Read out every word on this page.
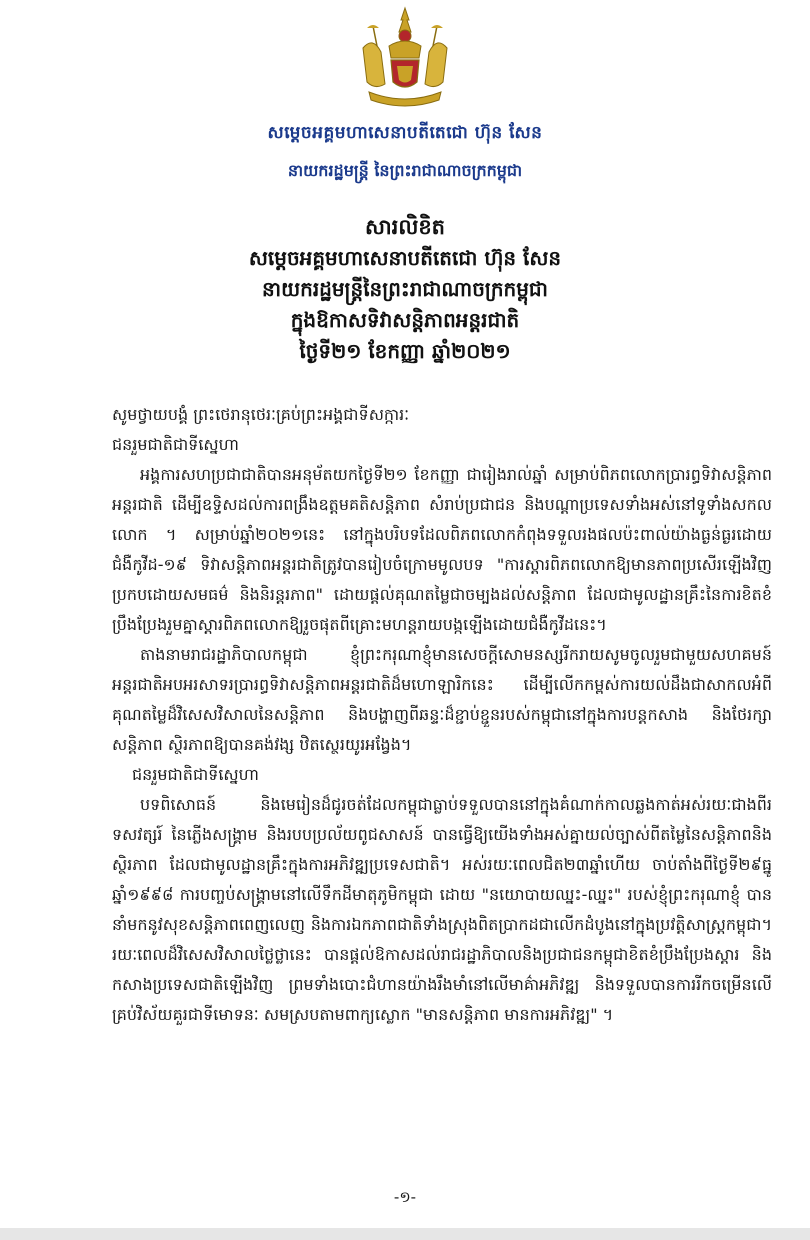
សម្តេចអគ្គមហាសេនាបតីតេជោ ហ៊ុន សែន
នាយករដ្ឋមន្ត្រី នៃព្រះរាជាណាចក្រកម្ពុជា
សារលិខិត
សម្តេចអគ្គមហាសេនាបតីតេជោ ហ៊ុន សែន
នាយករដ្ឋមន្ត្រីនៃព្រះរាជាណាចក្រកម្ពុជា
ក្នុងឱកាសទិវាសន្តិភាពអន្តរជាតិ
ថ្ងៃទី២១ ខែកញ្ញា ឆ្នាំ២០២១

សូមថ្វាយបង្គំ ព្រះថេរានុថេរៈគ្រប់ព្រះអង្គជាទីសក្ការៈ

ជនរួមជាតិជាទីស្នេហា

អង្គការសហប្រជាជាតិបានអនុម័តយកថ្ងៃទី២១ ខែកញ្ញា ជារៀងរាល់ឆ្នាំ សម្រាប់ពិភពលោកប្រារព្ធទិវាសន្តិភាពអន្តរជាតិ ដើម្បីឧទ្ទិសដល់ការពង្រឹងឧត្តមគតិសន្តិភាព សំរាប់ប្រជាជន និងបណ្តាប្រទេសទាំងអស់នៅទូទាំងសកលលោក ។ សម្រាប់ឆ្នាំ២០២១នេះ នៅក្នុងបរិបទដែលពិភពលោកកំពុងទទួលរងផលប៉ះពាល់យ៉ាងធ្ងន់ធ្ងរដោយជំងឺកូវីដ-១៩ ទិវាសន្តិភាពអន្តរជាតិត្រូវបានរៀបចំក្រោមមូលបទ "ការស្តារពិភពលោកឱ្យមានភាពប្រសើរឡើងវិញប្រកបដោយសមធម៌ និងនិរន្តរភាព" ដោយផ្តល់គុណតម្លៃជាចម្បងដល់សន្តិភាព ដែលជាមូលដ្ឋានគ្រឹះនៃការខិតខំប្រឹងប្រែងរួមគ្នាស្តារពិភពលោកឱ្យរួចផុតពីគ្រោះមហន្តរាយបង្កឡើងដោយជំងឺកូវីដនេះ។

តាងនាមរាជរដ្ឋាភិបាលកម្ពុជា ខ្ញុំព្រះករុណាខ្ញុំមានសេចក្តីសោមនស្សរីករាយសូមចូលរួមជាមួយសហគមន៍អន្តរជាតិអបអរសាទរប្រារព្ធទិវាសន្តិភាពអន្តរជាតិដ៏មហោឡារិកនេះ ដើម្បីលើកកម្ពស់ការយល់ដឹងជាសាកលអំពីគុណតម្លៃដ៏វិសេសវិសាលនៃសន្តិភាព និងបង្ហាញពីឆន្ទៈដ៏ខ្ជាប់ខ្ជួនរបស់កម្ពុជានៅក្នុងការបន្តកសាង និងថែរក្សាសន្តិភាព ស្ថិរភាពឱ្យបានគង់វង្ស ឋិតស្ថេរយូរអង្វែង។

ជនរួមជាតិជាទីស្នេហា

បទពិសោធន៍ និងមេរៀនដ៏ជូរចត់ដែលកម្ពុជាធ្លាប់ទទួលបាននៅក្នុងគំណាក់កាលឆ្លងកាត់អស់រយៈជាងពីរទសវត្សរ៍ នៃភ្លើងសង្គ្រាម និងរបបប្រល័យពូជសាសន៍ បានធ្វើឱ្យយើងទាំងអស់គ្នាយល់ច្បាស់ពីតម្លៃនៃសន្តិភាពនិងស្ថិរភាព ដែលជាមូលដ្ឋានគ្រឹះក្នុងការអភិវឌ្ឍប្រទេសជាតិ។ អស់រយៈពេលជិត២៣ឆ្នាំហើយ ចាប់តាំងពីថ្ងៃទី២៩ធ្នូ ឆ្នាំ១៩៩៨ ការបញ្ចប់សង្គ្រាមនៅលើទឹកដីមាតុភូមិកម្ពុជា ដោយ "នយោបាយឈ្នះ-ឈ្នះ" របស់ខ្ញុំព្រះករុណាខ្ញុំ បាននាំមកនូវសុខសន្តិភាពពេញលេញ និងការឯកភាពជាតិទាំងស្រុងពិតប្រាកដជាលើកដំបូងនៅក្នុងប្រវត្តិសាស្ត្រកម្ពុជា។ រយៈពេលដ៏វិសេសវិសាលថ្លៃថ្លានេះ បានផ្តល់ឱកាសដល់រាជរដ្ឋាភិបាលនិងប្រជាជនកម្ពុជាខិតខំប្រឹងប្រែងស្តារ និងកសាងប្រទេសជាតិឡើងវិញ ព្រមទាំងបោះជំហានយ៉ាងរឹងមាំនៅលើមាគ៌ាអភិវឌ្ឍ និងទទួលបានការរីកចម្រើនលើគ្រប់វិស័យគួរជាទីមោទនៈ សមស្របតាមពាក្យស្លោក "មានសន្តិភាព មានការអភិវឌ្ឍ" ។

-១-
